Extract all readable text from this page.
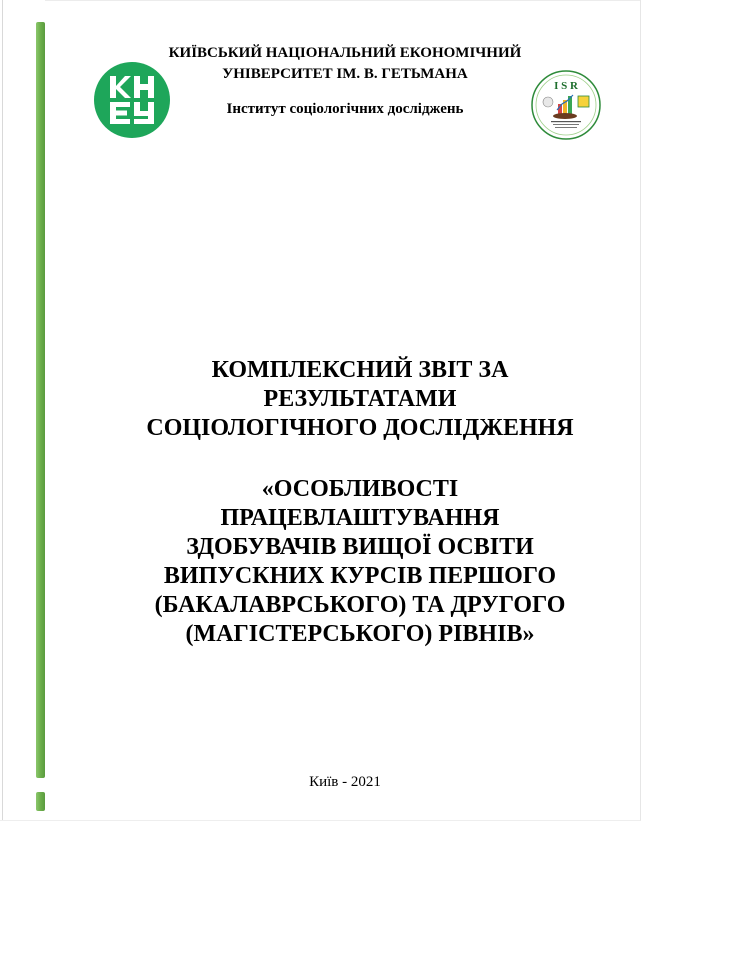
КИЇВСЬКИЙ НАЦІОНАЛЬНИЙ ЕКОНОМІЧНИЙ
УНІВЕРСИТЕТ ІМ. В. ГЕТЬМАНА
Інститут соціологічних досліджень
I S R
КОМПЛЕКСНИЙ ЗВІТ ЗА
РЕЗУЛЬТАТАМИ
СОЦІОЛОГІЧНОГО ДОСЛІДЖЕННЯ
«ОСОБЛИВОСТІ
ПРАЦЕВЛАШТУВАННЯ
ЗДОБУВАЧІВ ВИЩОЇ ОСВІТИ
ВИПУСКНИХ КУРСІВ ПЕРШОГО
(БАКАЛАВРСЬКОГО) ТА ДРУГОГО
(МАГІСТЕРСЬКОГО) РІВНІВ»
Київ - 2021
